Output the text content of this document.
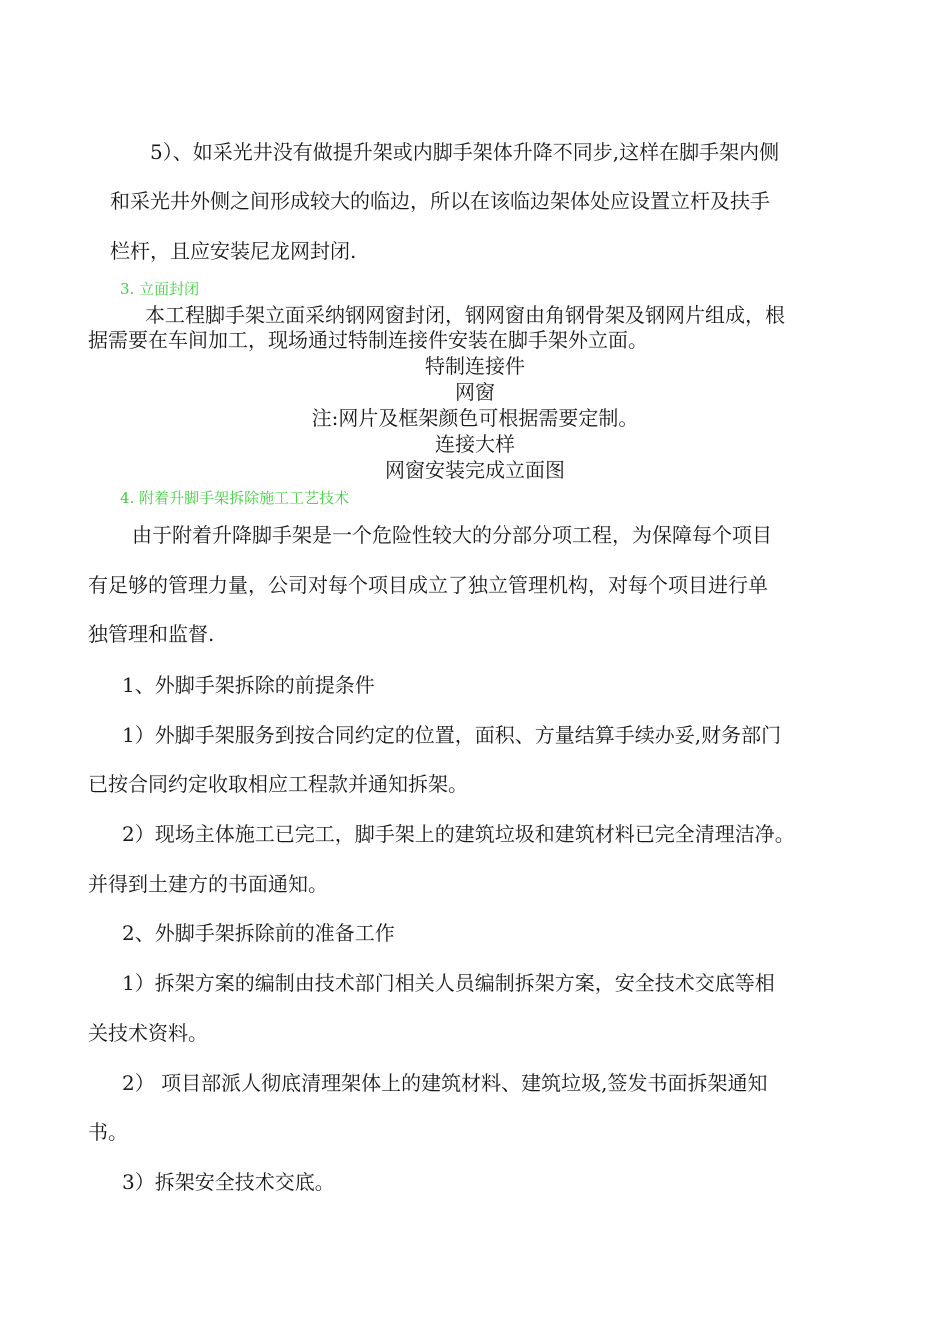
5）、如采光井没有做提升架或内脚手架体升降不同步,这样在脚手架内侧
和采光井外侧之间形成较大的临边，所以在该临边架体处应设置立杆及扶手
栏杆，且应安装尼龙网封闭.
3. 立面封闭
本工程脚手架立面采纳钢网窗封闭，钢网窗由角钢骨架及钢网片组成，根
据需要在车间加工，现场通过特制连接件安装在脚手架外立面。
特制连接件
网窗
注:网片及框架颜色可根据需要定制。
连接大样
网窗安装完成立面图
4. 附着升脚手架拆除施工工艺技术
由于附着升降脚手架是一个危险性较大的分部分项工程，为保障每个项目
有足够的管理力量，公司对每个项目成立了独立管理机构，对每个项目进行单
独管理和监督.
1、外脚手架拆除的前提条件
1）外脚手架服务到按合同约定的位置，面积、方量结算手续办妥,财务部门
已按合同约定收取相应工程款并通知拆架。
2）现场主体施工已完工，脚手架上的建筑垃圾和建筑材料已完全清理洁净。
并得到土建方的书面通知。
2、外脚手架拆除前的准备工作
1）拆架方案的编制由技术部门相关人员编制拆架方案，安全技术交底等相
关技术资料。
2） 项目部派人彻底清理架体上的建筑材料、建筑垃圾,签发书面拆架通知
书。
3）拆架安全技术交底。
